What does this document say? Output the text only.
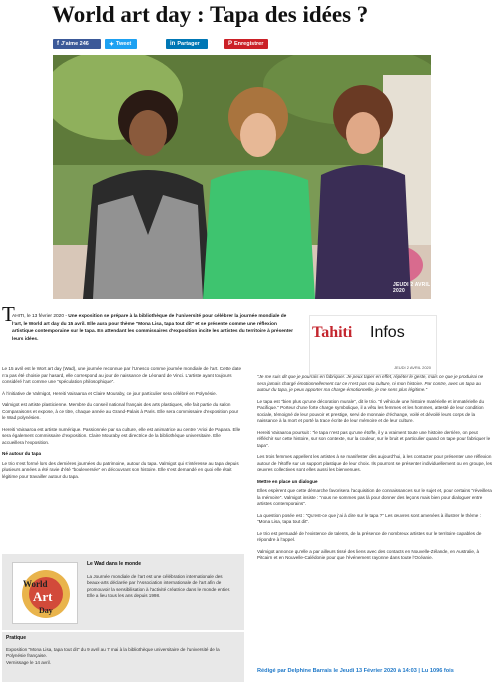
World art day : Tapa des idées ?
f J’aime 246	✦ Tweet	in Partager	P Enregistrer
JEUDI 2 AVRIL 2020
T
AHITI, le 13 février 2020 - Une exposition se prépare à la bibliothèque de l’université pour célébrer la journée mondiale de l’art, le World art day du 15 avril. Elle aura pour thème "Mona Lisa, tapa tout dit" et se présente comme une réflexion artistique contemporaine sur le tapa. En attendant les commissaires d’exposition incite les artistes du territoire à présenter leurs idées.	Tahiti Infos
JEUDI 2 AVRIL 2020

Le 15 avril est le Wort art day (Wad), une journée reconnue par l’Unesco comme journée mondiale de l’art. Cette date n’a pas été choisie par hasard, elle correspond au jour de naissance de Léonard de Vinci. L’artiste ayant toujours considéré l’art comme une "spéculation philosophique".

À l’initiative de Valmigot, Hereiti Vairaaroa et Claire Mouraby, ce jour particulier sera célébré en Polynésie.

Valmigot est artiste plasticienne. Membre du conseil national français des arts plastiques, elle fait partie du salon Comparaisons et expose, à ce titre, chaque année au Grand-Palais à Paris. Elle sera commissaire d’exposition pour le Wad polynésien.

Hereiti Vairaaroa est artiste numérique. Passionnée par sa culture, elle est animatrice au centre ‘Arioi de Papara. Elle sera également commissaire d’exposition. Claire Mouraby est directrice de la bibliothèque universitaire. Elle accueillera l’exposition.

Né autour du tapa

Le trio s’est formé lors des dernières journées du patrimoine, autour du tapa. Valmigot qui s’intéresse au tapa depuis plusieurs années a été ravie d’été "bouleversée" en découvrant son histoire. Elle s’est demandé en quoi elle était légitime pour travailler autour du tapa.

"Je me suis dit que je pourrais en fabriquer. Je peux taper en effet, répéter le geste, mais ce que je produirai ne sera jamais chargé émotionnellement car ce n’est pas ma culture, ni mon histoire. Par contre, avec un tapa au autour du tapa, je peux apporter ma charge émotionnelle, je me sens plus légitime."

Le tapa est "bien plus qu’une décoration murale", dit le trio. "Il véhicule une histoire matérielle et immatérielle du Pacifique." Porteur d’une forte charge symbolique, il a vêtu les femmes et les hommes, attesté de leur condition sociale, témoigné de leur pouvoir et prestige, servi de monnaie d’échange, voilé et dévoilé leurs corps de la naissance à la mort et porté la trace écrite de leur mémoire et de leur culture.

Hereiti Vairaaroa poursuit : "le tapa n’est pas qu’une étoffe, il y a vraiment toute une histoire derrière, on peut réfléchir sur cette histoire, sur son contexte, sur la couleur, sur le bruit et particulier quand on tape pour fabriquer le tapa".

Les trois femmes appellent les artistes à se manifester dès aujourd’hui, à les contacter pour présenter une réflexion autour de l’étoffe sur un support plastique de leur choix. Ils pourront se présenter individuellement ou en groupe, les œuvres collectives sont elles aussi les bienvenues.

Mettre en place un dialogue

Elles espèrent que cette démarche favorisera l’acquisition de connaissances sur le sujet et, pour certains "réveillera la mémoire". Valmigot insiste : "nous ne sommes pas là pour donner des leçons mais bien pour dialoguer entre artistes contemporains".

La question posée est : "Qu’est-ce que j’ai à dire sur le tapa ?" Les œuvres sont amenées à illustrer le thème : "Mona Lisa, tapa tout dit".

Le trio est persuadé de l’existence de talents, de la présence de nombreux artistes sur le territoire capables de répondre à l’appel.

Valmigot annonce qu’elle a par ailleurs tissé des liens avec des contacts en Nouvelle-Zélande, en Australie, à Pitcairn et en Nouvelle-Calédonie pour que l’événement rayonne dans toute l’Océanie.

World
Art
Day
Le Wad dans le monde
La Journée mondiale de l’art est une célébration internationale des beaux-arts déclarée par l’Association internationale de l’art afin de promouvoir la sensibilisation à l’activité créatrice dans le monde entier. Elle a lieu tous les ans depuis 1998.
Pratique
Exposition "Mona Lisa, tapa tout dit" du 9 avril au 7 mai à la bibliothèque universitaire de l’université de la Polynésie française.
Vernissage le 14 avril.
Rédigé par Delphine Barrais le Jeudi 13 Février 2020 à 14:03 | Lu 1096 fois
